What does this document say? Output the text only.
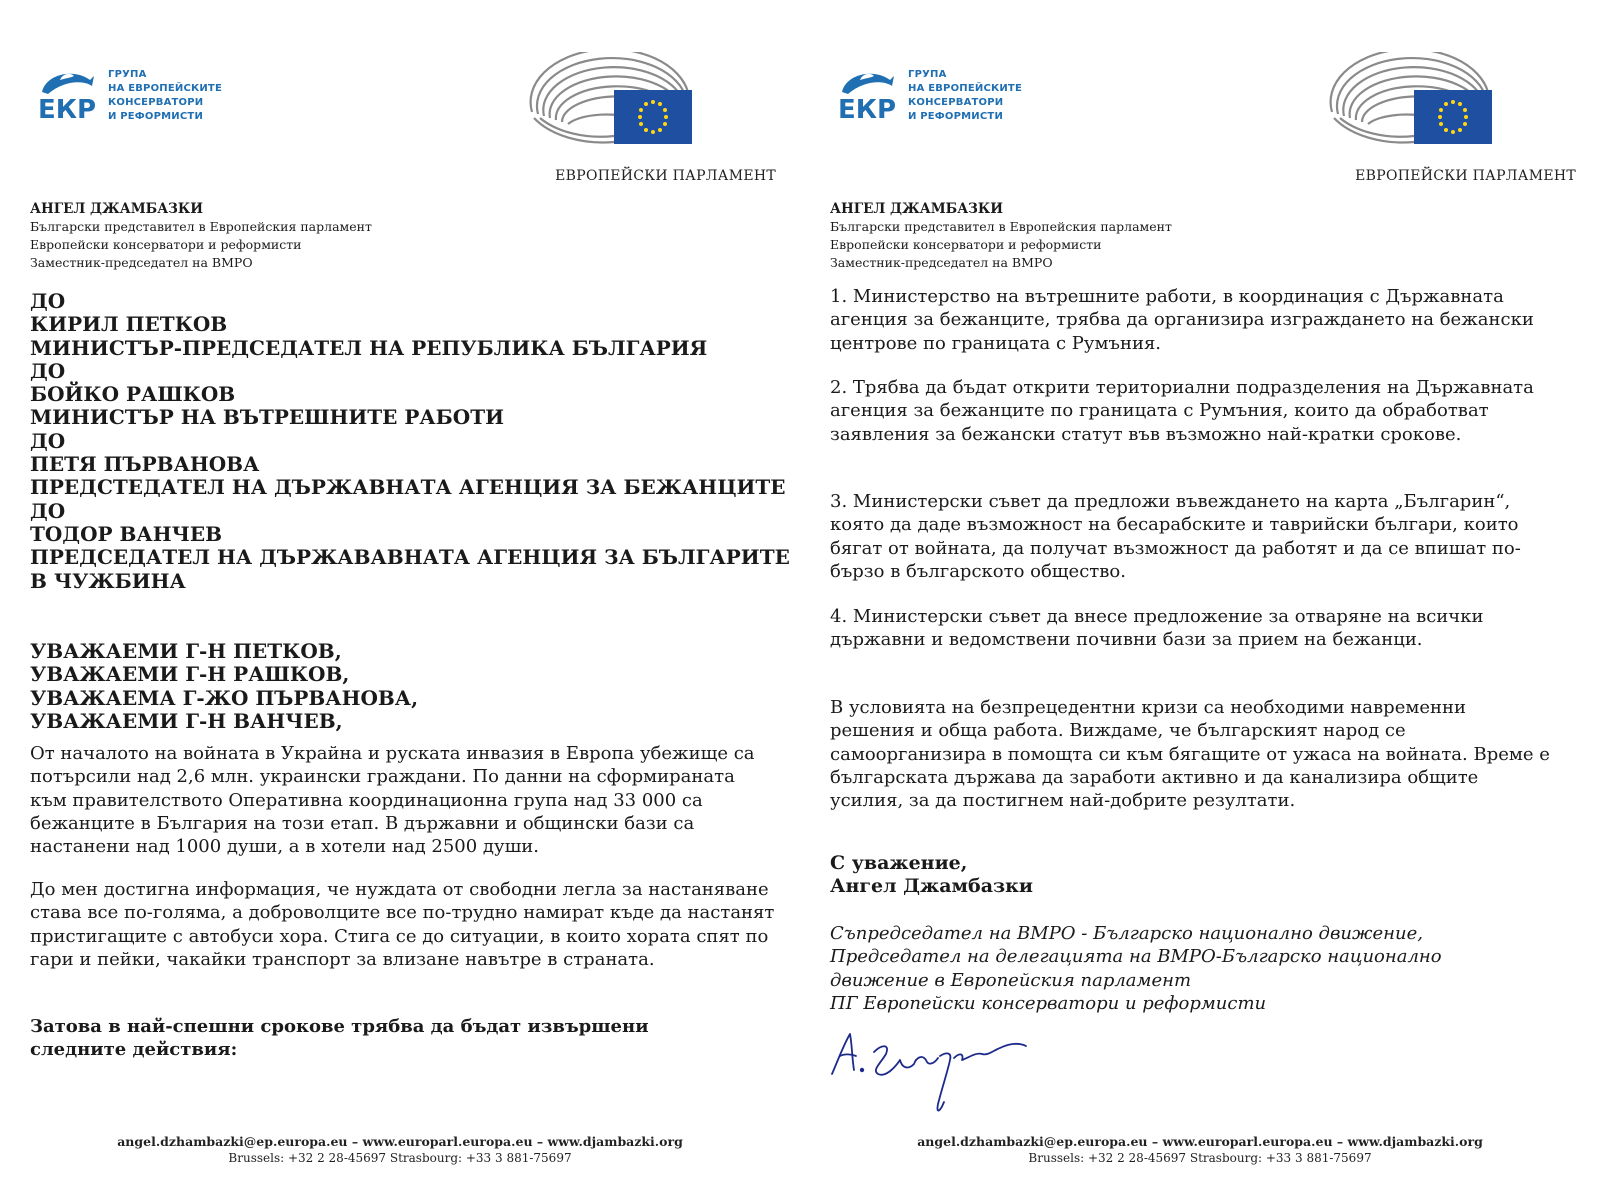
ЕКР
ГРУПА
НА ЕВРОПЕЙСКИТЕ
КОНСЕРВАТОРИ
И РЕФОРМИСТИ
ЕВРОПЕЙСКИ ПАРЛАМЕНТ
АНГЕЛ ДЖАМБАЗКИ
Български представител в Европейския парламент
Европейски консерватори и реформисти
Заместник-председател на ВМРО
ДО
КИРИЛ ПЕТКОВ
МИНИСТЪР-ПРЕДСЕДАТЕЛ НА РЕПУБЛИКА БЪЛГАРИЯ
ДО
БОЙКО РАШКОВ
МИНИСТЪР НА ВЪТРЕШНИТЕ РАБОТИ
ДО
ПЕТЯ ПЪРВАНОВА
ПРЕДСТЕДАТЕЛ НА ДЪРЖАВНАТА АГЕНЦИЯ ЗА БЕЖАНЦИТЕ
ДО
ТОДОР ВАНЧЕВ
ПРЕДСЕДАТЕЛ НА ДЪРЖАВАВНАТА АГЕНЦИЯ ЗА БЪЛГАРИТЕ
В ЧУЖБИНА
УВАЖАЕМИ Г-Н ПЕТКОВ,
УВАЖАЕМИ Г-Н РАШКОВ,
УВАЖАЕМА Г-ЖО ПЪРВАНОВА,
УВАЖАЕМИ Г-Н ВАНЧЕВ,
От началото на войната в Украйна и руската инвазия в Европа убежище са потърсили над 2,6 млн. украински граждани. По данни на сформираната към правителството Оперативна координационна група над 33 000 са бежанците в България на този етап. В държавни и общински бази са настанени над 1000 души, а в хотели над 2500 души.
До мен достигна информация, че нуждата от свободни легла за настаняване става все по-голяма, а доброволците все по-трудно намират къде да настанят пристигащите с автобуси хора. Стига се до ситуации, в които хората спят по гари и пейки, чакайки транспорт за влизане навътре в страната.
Затова в най-спешни срокове трябва да бъдат извършени следните действия:
angel.dzhambazki@ep.europa.eu – www.europarl.europa.eu – www.djambazki.org
Brussels: +32 2 28-45697 Strasbourg: +33 3 881-75697
ЕКР
ГРУПА
НА ЕВРОПЕЙСКИТЕ
КОНСЕРВАТОРИ
И РЕФОРМИСТИ
ЕВРОПЕЙСКИ ПАРЛАМЕНТ
АНГЕЛ ДЖАМБАЗКИ
Български представител в Европейския парламент
Европейски консерватори и реформисти
Заместник-председател на ВМРО
1. Министерство на вътрешните работи, в координация с Държавната агенция за бежанците, трябва да организира изграждането на бежански центрове по границата с Румъния.
2. Трябва да бъдат открити териториални подразделения на Държавната агенция за бежанците по границата с Румъния, които да обработват заявления за бежански статут във възможно най-кратки срокове.
3. Министерски съвет да предложи въвеждането на карта „Българин“, която да даде възможност на бесарабските и таврийски българи, които бягат от войната, да получат възможност да работят и да се впишат по-бързо в българското общество.
4. Министерски съвет да внесе предложение за отваряне на всички държавни и ведомствени почивни бази за прием на бежанци.
В условията на безпрецедентни кризи са необходими навременни решения и обща работа. Виждаме, че българският народ се самоорганизира в помощта си към бягащите от ужаса на войната. Време е българската държава да заработи активно и да канализира общите усилия, за да постигнем най-добрите резултати.
С уважение,
Ангел Джамбазки
Съпредседател на ВМРО - Българско национално движение,
Председател на делегацията на ВМРО-Българско национално
движение в Европейския парламент
ПГ Европейски консерватори и реформисти
angel.dzhambazki@ep.europa.eu – www.europarl.europa.eu – www.djambazki.org
Brussels: +32 2 28-45697 Strasbourg: +33 3 881-75697
